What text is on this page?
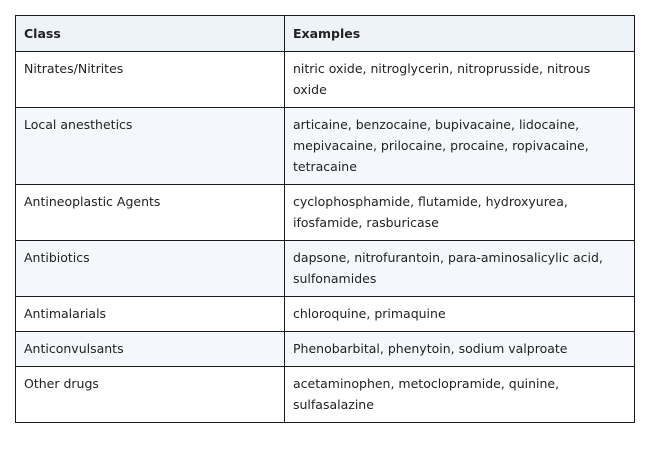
Class	Examples
Nitrates/Nitrites	nitric oxide, nitroglycerin, nitroprusside, nitrous oxide
Local anesthetics	articaine, benzocaine, bupivacaine, lidocaine, mepivacaine, prilocaine, procaine, ropivacaine, tetracaine
Antineoplastic Agents	cyclophosphamide, flutamide, hydroxyurea, ifosfamide, rasburicase
Antibiotics	dapsone, nitrofurantoin, para-aminosalicylic acid, sulfonamides
Antimalarials	chloroquine, primaquine
Anticonvulsants	Phenobarbital, phenytoin, sodium valproate
Other drugs	acetaminophen, metoclopramide, quinine, sulfasalazine
